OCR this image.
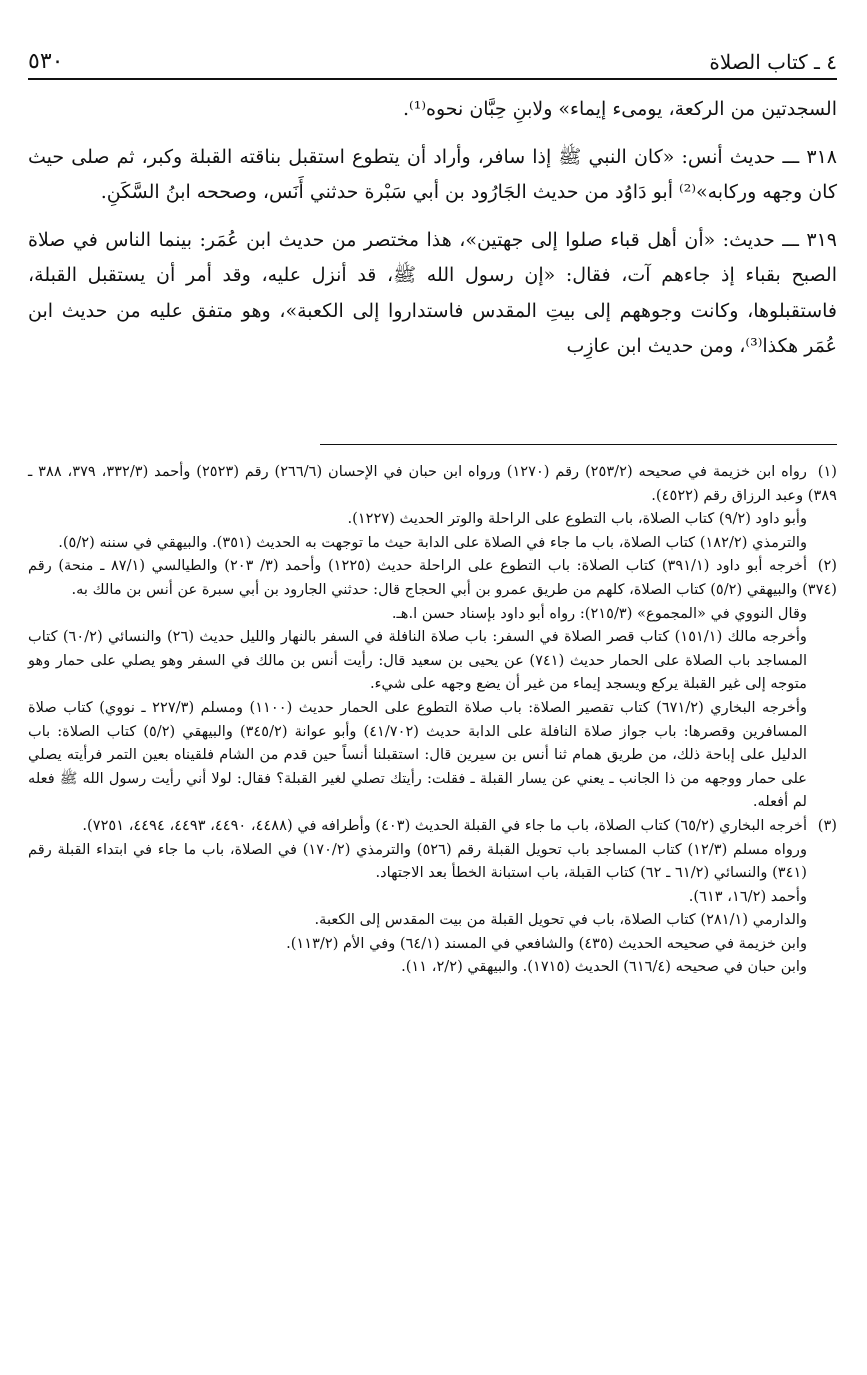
٥٣٠	٤ ـ كتاب الصلاة

السجدتين من الركعة، يومىء إيماء» ولابنِ حِبَّان نحوه⁽¹⁾.

٣١٨ ـــ حديث أنس: «كان النبي ﷺ إذا سافر، وأراد أن يتطوع استقبل بناقته القبلة وكبر، ثم صلى حيث كان وجهه وركابه»⁽²⁾ أبو دَاوُد من حديث الجَارُود بن أبي سَبْرة حدثني أَنَس، وصححه ابنُ السَّكَنِ.

٣١٩ ـــ حديث: «أن أهل قباء صلوا إلى جهتين»، هذا مختصر من حديث ابن عُمَر: بينما الناس في صلاة الصبح بقباء إذ جاءهم آت، فقال: «إن رسول الله ﷺ، قد أنزل عليه، وقد أمر أن يستقبل القبلة، فاستقبلوها، وكانت وجوههم إلى بيتِ المقدس فاستداروا إلى الكعبة»، وهو متفق عليه من حديث ابن عُمَر هكذا⁽³⁾، ومن حديث ابن عازِب

(١)رواه ابن خزيمة في صحيحه (٢٥٣/٢) رقم (١٢٧٠) ورواه ابن حبان في الإحسان (٢٦٦/٦) رقم (٢٥٢٣) وأحمد (٣٣٢/٣، ٣٧٩، ٣٨٨ ـ ٣٨٩) وعبد الرزاق رقم (٤٥٢٢).

وأبو داود (٩/٢) كتاب الصلاة، باب التطوع على الراحلة والوتر الحديث (١٢٢٧).

والترمذي (١٨٢/٢) كتاب الصلاة، باب ما جاء في الصلاة على الدابة حيث ما توجهت به الحديث (٣٥١). والبيهقي في سننه (٥/٢).

(٢)أخرجه أبو داود (٣٩١/١) كتاب الصلاة: باب التطوع على الراحلة حديث (١٢٢٥) وأحمد (٣/ ٢٠٣) والطيالسي (٨٧/١ ـ منحة) رقم (٣٧٤) والبيهقي (٥/٢) كتاب الصلاة، كلهم من طريق عمرو بن أبي الحجاج قال: حدثني الجارود بن أبي سبرة عن أنس بن مالك به.

وقال النووي في «المجموع» (٢١٥/٣): رواه أبو داود بإسناد حسن ا.هـ.

وأخرجه مالك (١٥١/١) كتاب قصر الصلاة في السفر: باب صلاة النافلة في السفر بالنهار والليل حديث (٢٦) والنسائي (٦٠/٢) كتاب المساجد باب الصلاة على الحمار حديث (٧٤١) عن يحيى بن سعيد قال: رأيت أنس بن مالك في السفر وهو يصلي على حمار وهو متوجه إلى غير القبلة يركع ويسجد إيماء من غير أن يضع وجهه على شيء.

وأخرجه البخاري (٦٧١/٢) كتاب تقصير الصلاة: باب صلاة التطوع على الحمار حديث (١١٠٠) ومسلم (٢٢٧/٣ ـ نووي) كتاب صلاة المسافرين وقصرها: باب جواز صلاة النافلة على الدابة حديث (٤١/٧٠٢) وأبو عوانة (٣٤٥/٢) والبيهقي (٥/٢) كتاب الصلاة: باب الدليل على إباحة ذلك، من طريق همام ثنا أنس بن سيرين قال: استقبلنا أنساً حين قدم من الشام فلقيناه بعين التمر فرأيته يصلي على حمار ووجهه من ذا الجانب ـ يعني عن يسار القبلة ـ فقلت: رأيتك تصلي لغير القبلة؟ فقال: لولا أني رأيت رسول الله ﷺ فعله لم أفعله.

(٣)أخرجه البخاري (٦٥/٢) كتاب الصلاة، باب ما جاء في القبلة الحديث (٤٠٣) وأطرافه في (٤٤٨٨، ٤٤٩٠، ٤٤٩٣، ٤٤٩٤، ٧٢٥١).

ورواه مسلم (١٢/٣) كتاب المساجد باب تحويل القبلة رقم (٥٢٦) والترمذي (١٧٠/٢) في الصلاة، باب ما جاء في ابتداء القبلة رقم (٣٤١) والنسائي (٦١/٢ ـ ٦٢) كتاب القبلة، باب استبانة الخطأ بعد الاجتهاد.

وأحمد (١٦/٢، ٦١٣).

والدارمي (٢٨١/١) كتاب الصلاة، باب في تحويل القبلة من بيت المقدس إلى الكعبة.

وابن خزيمة في صحيحه الحديث (٤٣٥) والشافعي في المسند (٦٤/١) وفي الأم (١١٣/٢).

وابن حبان في صحيحه (٦١٦/٤) الحديث (١٧١٥). والبيهقي (٢/٢، ١١).
